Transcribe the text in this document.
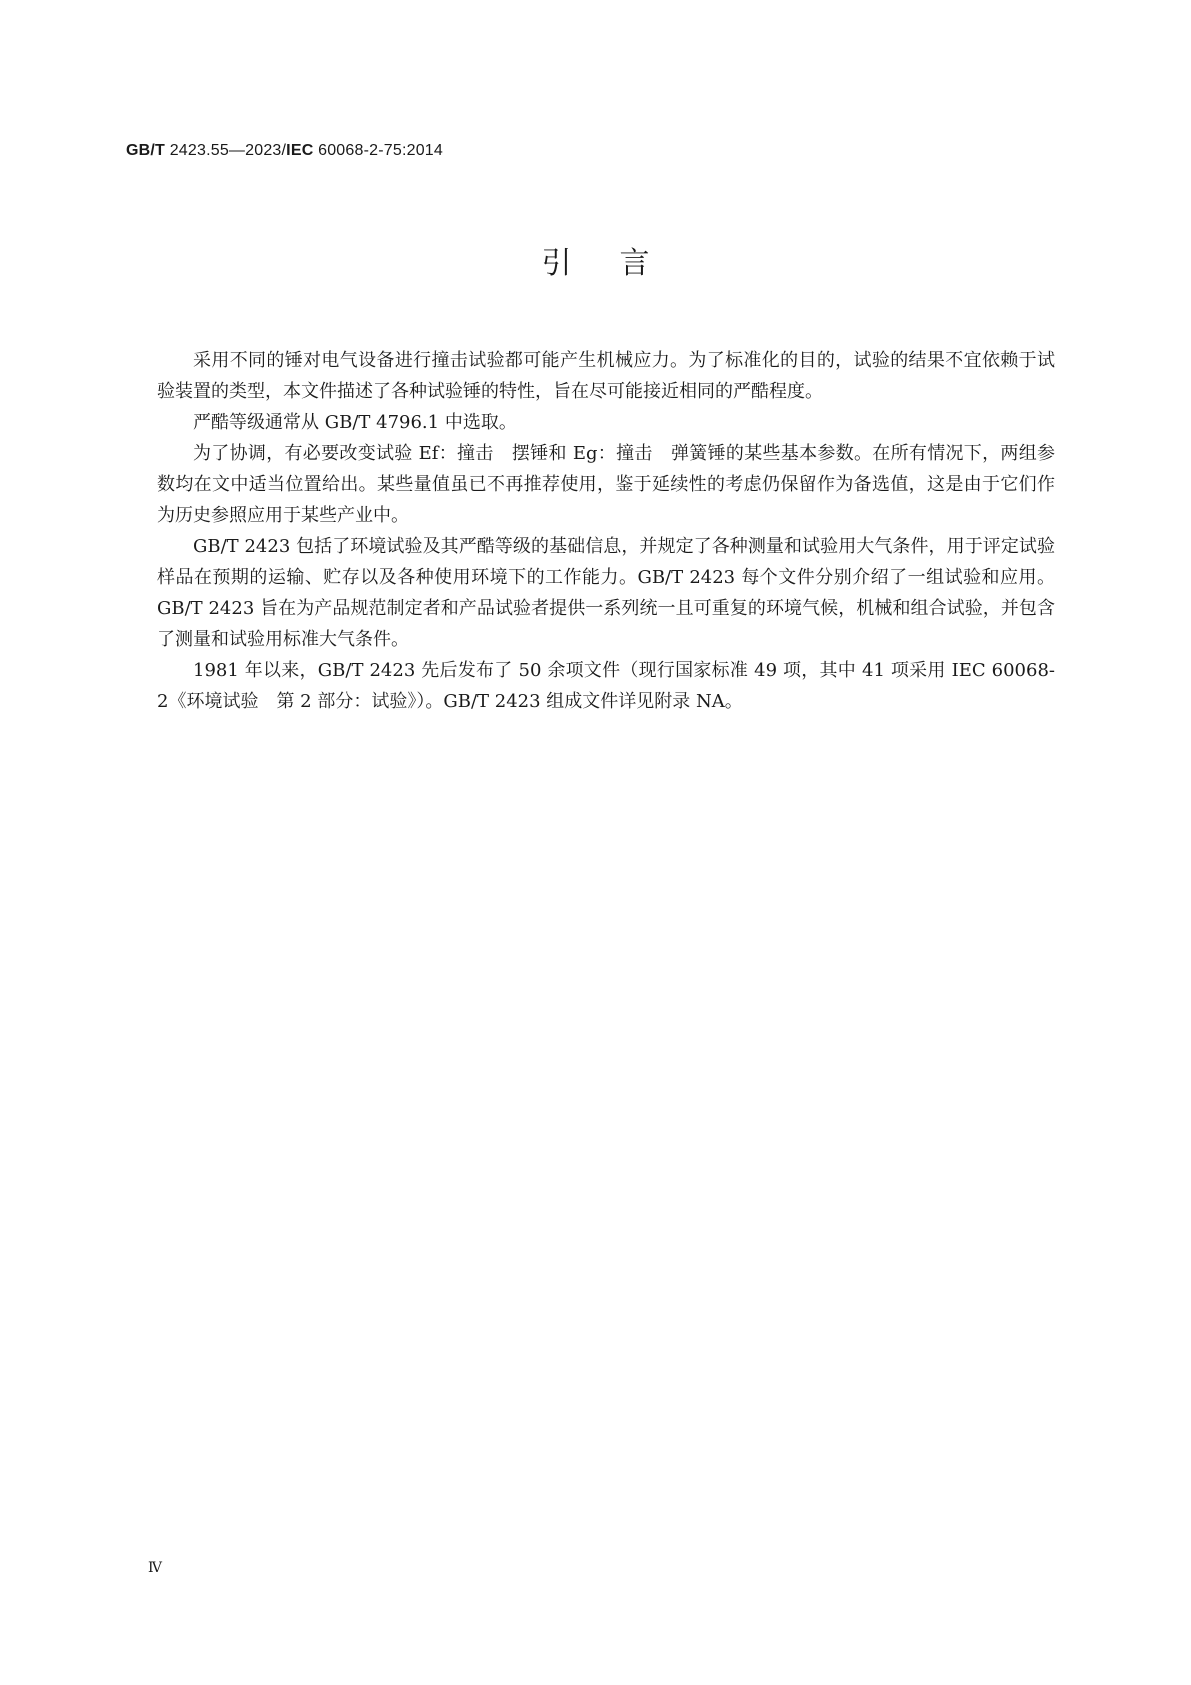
GB/T 2423.55—2023/IEC 60068-2-75:2014
引言

采用不同的锤对电气设备进行撞击试验都可能产生机械应力。为了标准化的目的，试验的结果不宜依赖于试验装置的类型，本文件描述了各种试验锤的特性，旨在尽可能接近相同的严酷程度。

严酷等级通常从 GB/T 4796.1 中选取。

为了协调，有必要改变试验 Ef：撞击　摆锤和 Eg：撞击　弹簧锤的某些基本参数。在所有情况下，两组参数均在文中适当位置给出。某些量值虽已不再推荐使用，鉴于延续性的考虑仍保留作为备选值，这是由于它们作为历史参照应用于某些产业中。

GB/T 2423 包括了环境试验及其严酷等级的基础信息，并规定了各种测量和试验用大气条件，用于评定试验样品在预期的运输、贮存以及各种使用环境下的工作能力。GB/T 2423 每个文件分别介绍了一组试验和应用。GB/T 2423 旨在为产品规范制定者和产品试验者提供一系列统一且可重复的环境气候，机械和组合试验，并包含了测量和试验用标准大气条件。

1981 年以来，GB/T 2423 先后发布了 50 余项文件（现行国家标准 49 项，其中 41 项采用 IEC 60068-2《环境试验　第 2 部分：试验》）。GB/T 2423 组成文件详见附录 NA。

Ⅳ
